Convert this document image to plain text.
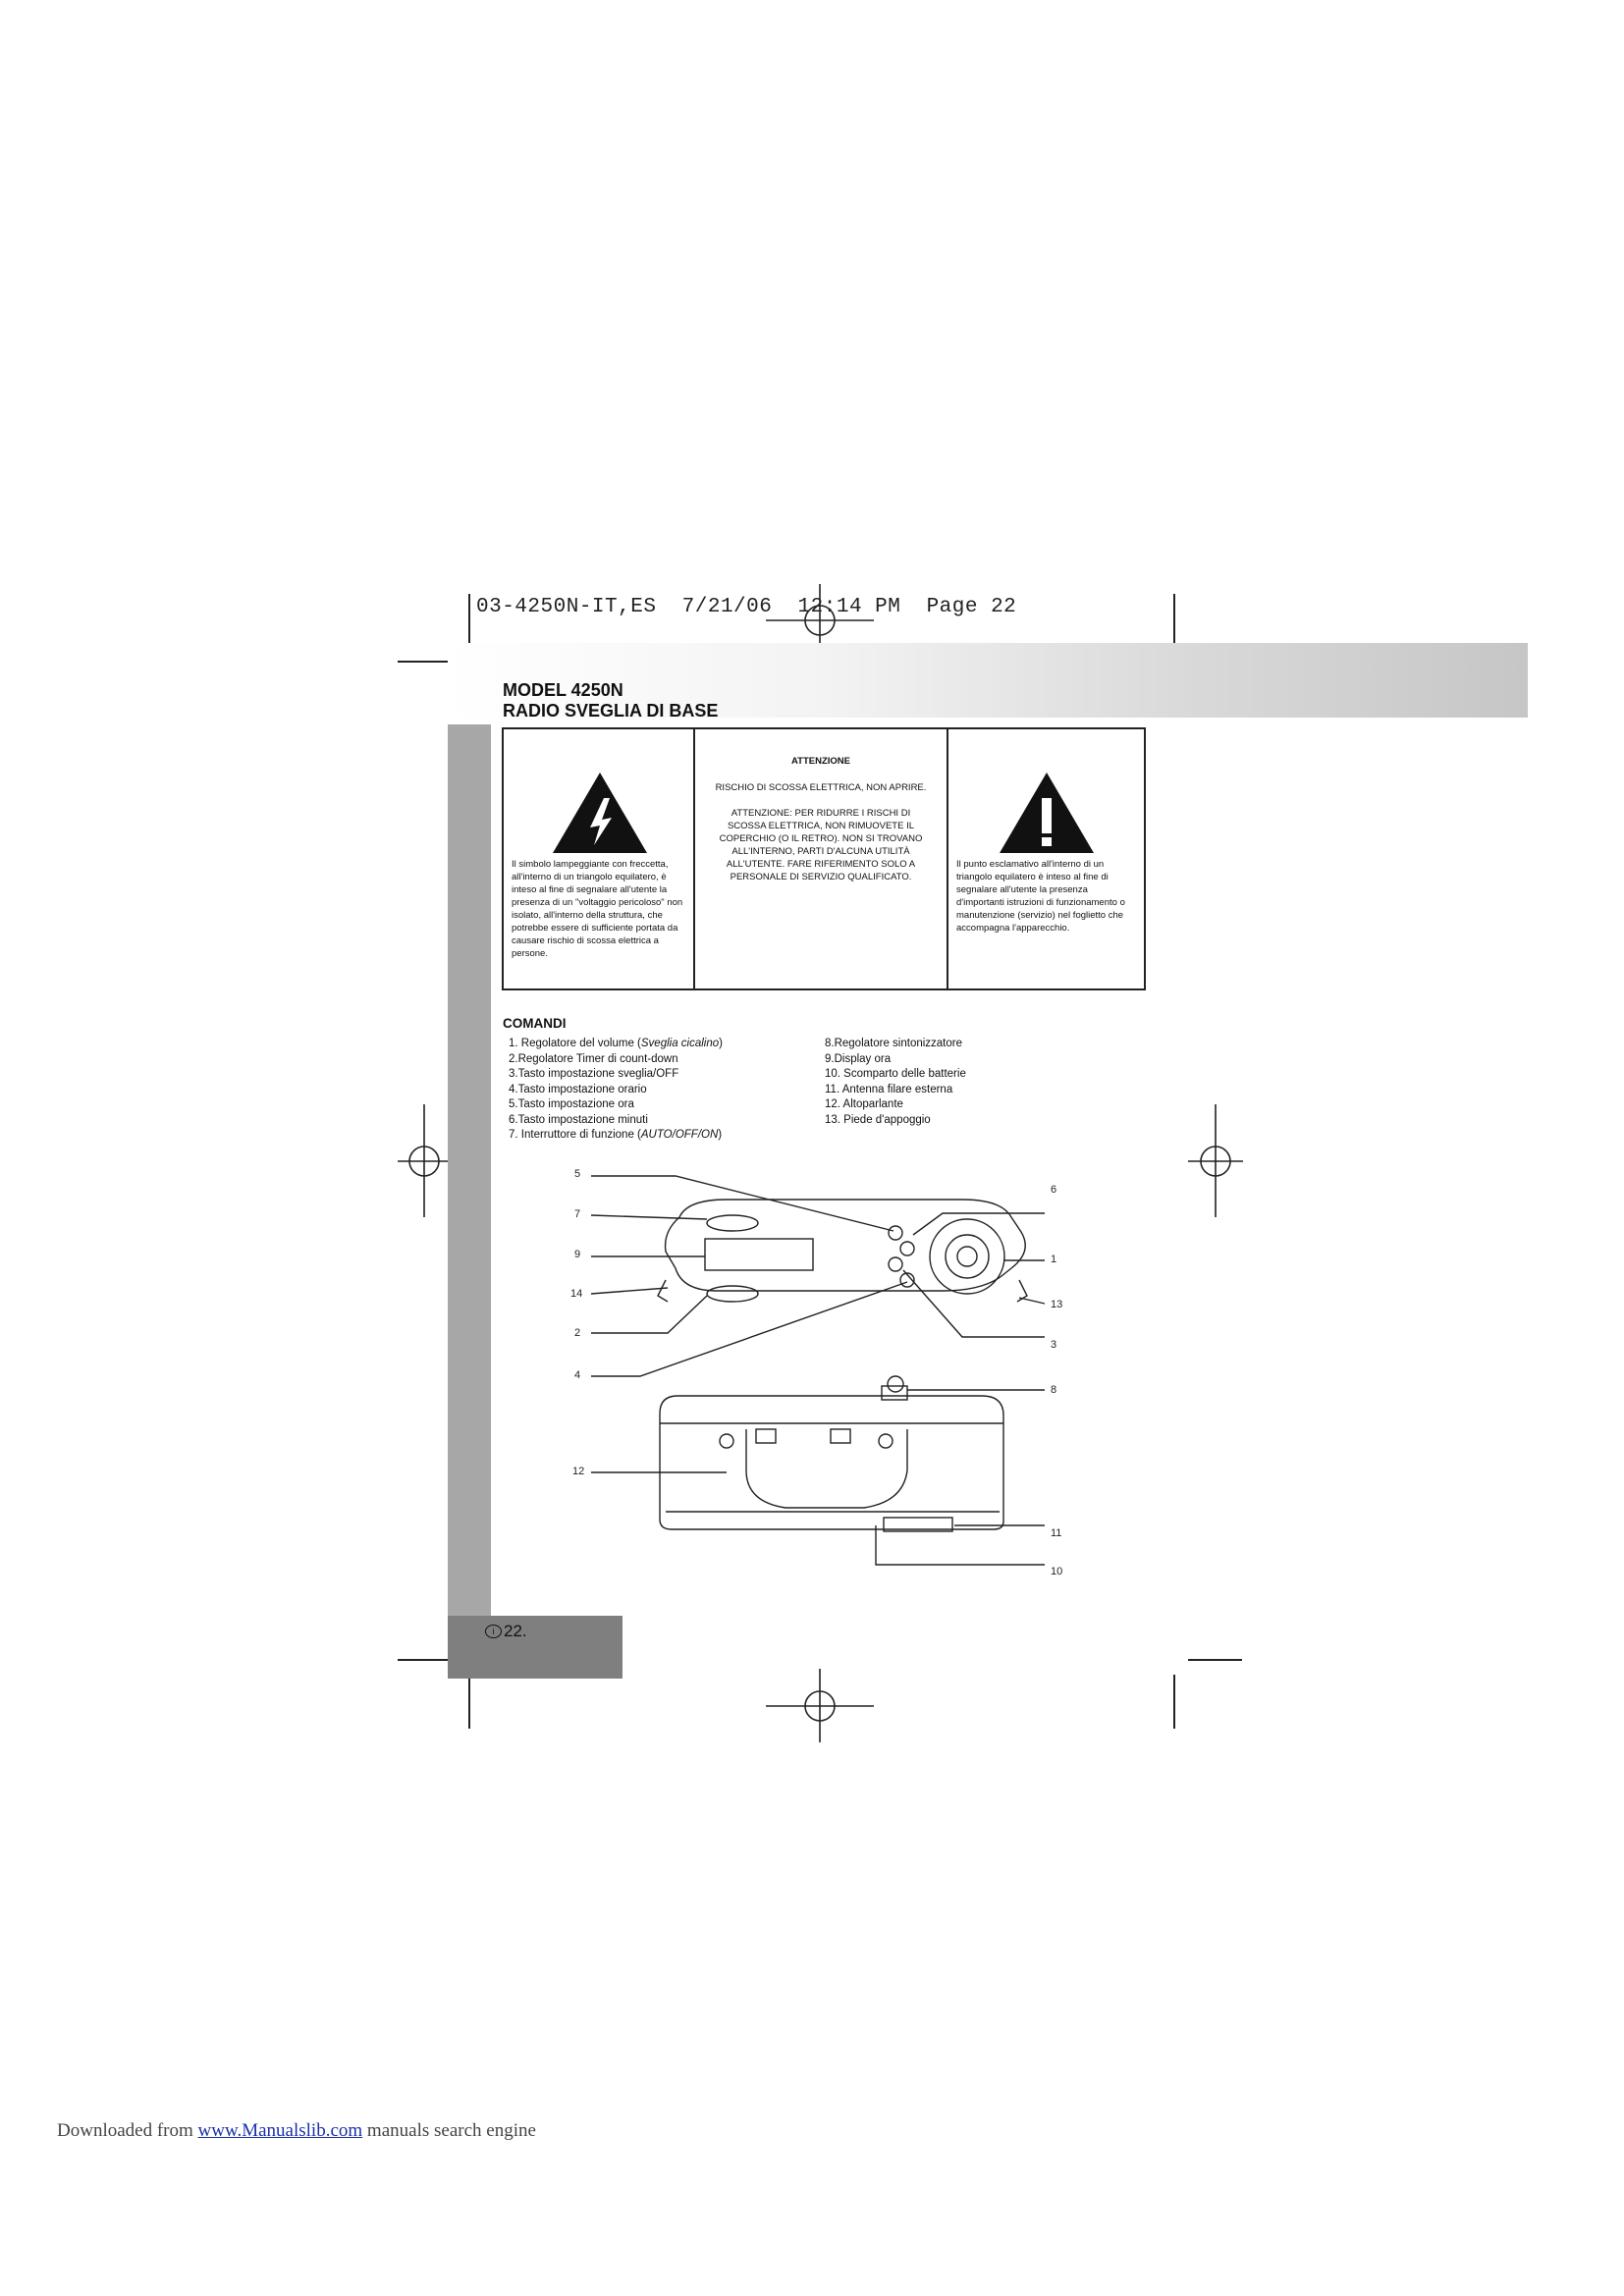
03-4250N-IT,ES  7/21/06  12:14 PM  Page 22
MODEL 4250N
RADIO SVEGLIA DI BASE
Il simbolo lampeggiante con freccetta, all'interno di un triangolo equilatero, è inteso al fine di segnalare all'utente la presenza di un "voltaggio pericoloso" non isolato, all'interno della struttura, che potrebbe essere di sufficiente portata da causare rischio di scossa elettrica a persone.
ATTENZIONE
RISCHIO DI SCOSSA ELETTRICA, NON APRIRE.
ATTENZIONE: PER RIDURRE I RISCHI DI SCOSSA ELETTRICA, NON RIMUOVETE IL COPERCHIO (O IL RETRO). NON SI TROVANO ALL'INTERNO, PARTI D'ALCUNA UTILITÀ ALL'UTENTE. FARE RIFERIMENTO SOLO A PERSONALE DI SERVIZIO QUALIFICATO.
Il punto esclamativo all'interno di un triangolo equilatero è inteso al fine di segnalare all'utente la presenza d'importanti istruzioni di funzionamento o manutenzione (servizio) nel foglietto che accompagna l'apparecchio.
COMANDI
1. Regolatore del volume (Sveglia cicalino)
2.Regolatore Timer di count-down
3.Tasto impostazione sveglia/OFF
4.Tasto impostazione orario
5.Tasto impostazione ora
6.Tasto impostazione minuti
7. Interruttore di funzione (AUTO/OFF/ON)
8.Regolatore sintonizzatore
9.Display ora
10. Scomparto delle batterie
11. Antenna filare esterna
12. Altoparlante
13. Piede d'appoggio
5
7
9
14
2
4
6
1
13
3
8
12
11
10
i 22.
Downloaded from www.Manualslib.com manuals search engine
